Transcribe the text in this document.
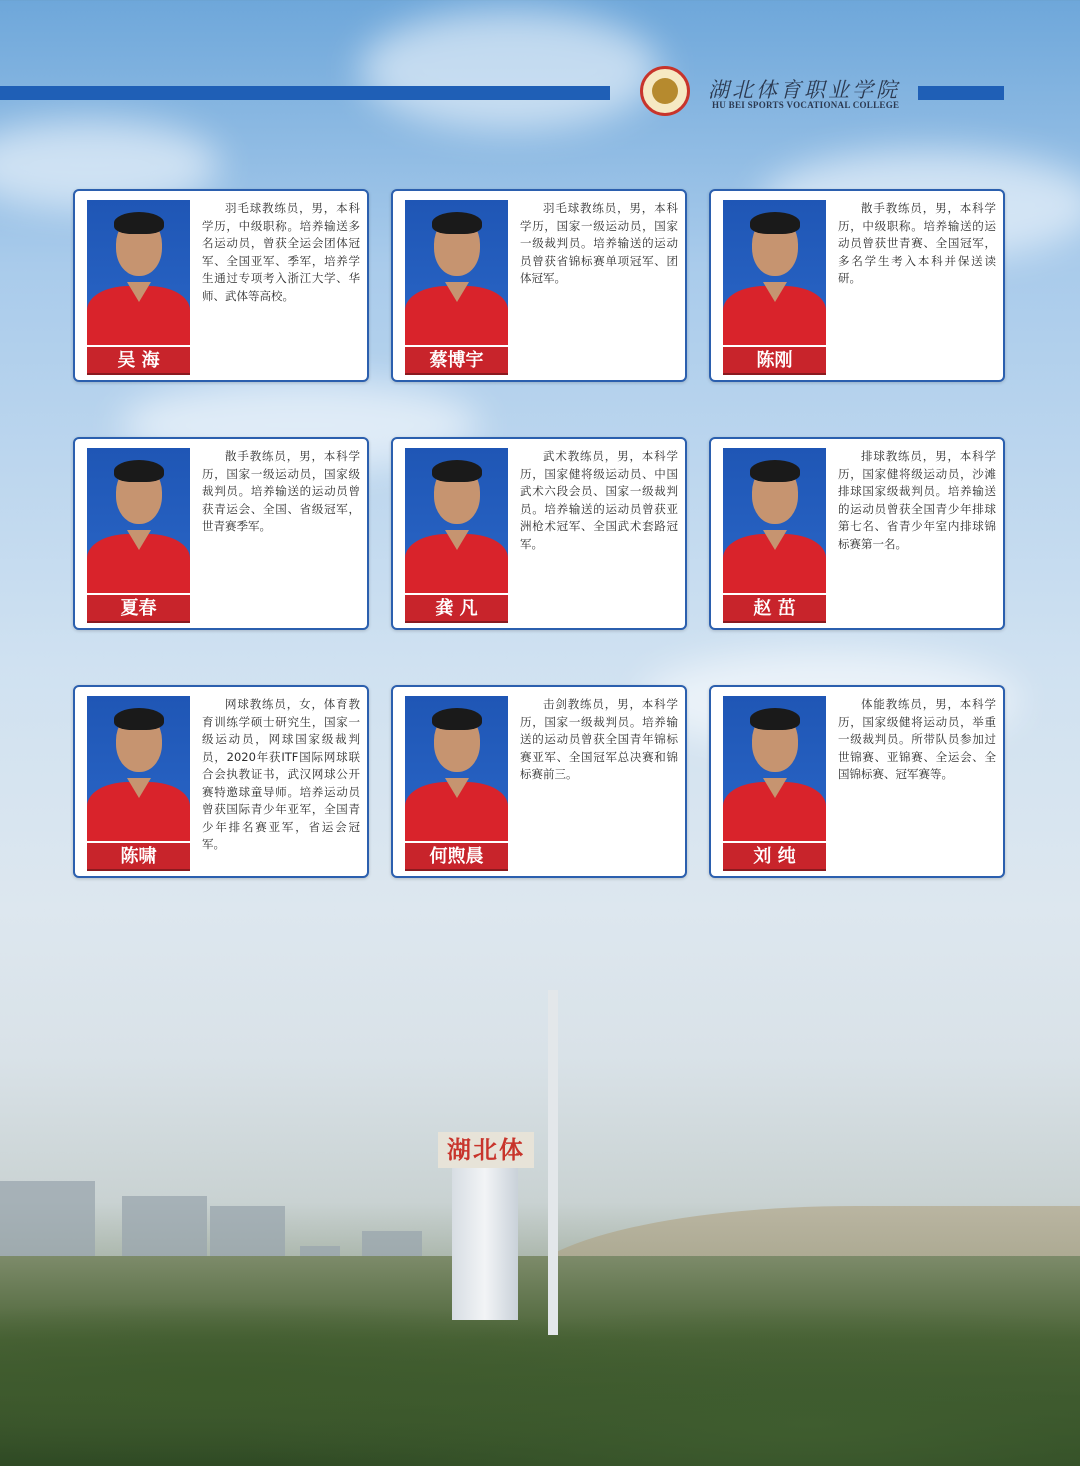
湖北体育职业学院
HU BEI SPORTS VOCATIONAL COLLEGE
吴 海
羽毛球教练员，男，本科学历，中级职称。培养输送多名运动员，曾获全运会团体冠军、全国亚军、季军，培养学生通过专项考入浙江大学、华师、武体等高校。
蔡博宇
羽毛球教练员，男，本科学历，国家一级运动员，国家一级裁判员。培养输送的运动员曾获省锦标赛单项冠军、团体冠军。
陈刚
散手教练员，男，本科学历，中级职称。培养输送的运动员曾获世青赛、全国冠军，多名学生考入本科并保送读研。
夏春
散手教练员，男，本科学历，国家一级运动员，国家级裁判员。培养输送的运动员曾获青运会、全国、省级冠军，世青赛季军。
龚 凡
武术教练员，男，本科学历，国家健将级运动员、中国武术六段会员、国家一级裁判员。培养输送的运动员曾获亚洲枪术冠军、全国武术套路冠军。
赵 茁
排球教练员，男，本科学历，国家健将级运动员，沙滩排球国家级裁判员。培养输送的运动员曾获全国青少年排球第七名、省青少年室内排球锦标赛第一名。
陈啸
网球教练员，女，体育教育训练学硕士研究生，国家一级运动员，网球国家级裁判员，2020年获ITF国际网球联合会执教证书，武汉网球公开赛特邀球童导师。培养运动员曾获国际青少年亚军，全国青少年排名赛亚军，省运会冠军。
何煦晨
击剑教练员，男，本科学历，国家一级裁判员。培养输送的运动员曾获全国青年锦标赛亚军、全国冠军总决赛和锦标赛前三。
刘 纯
体能教练员，男，本科学历，国家级健将运动员，举重一级裁判员。所带队员参加过世锦赛、亚锦赛、全运会、全国锦标赛、冠军赛等。
湖北体
